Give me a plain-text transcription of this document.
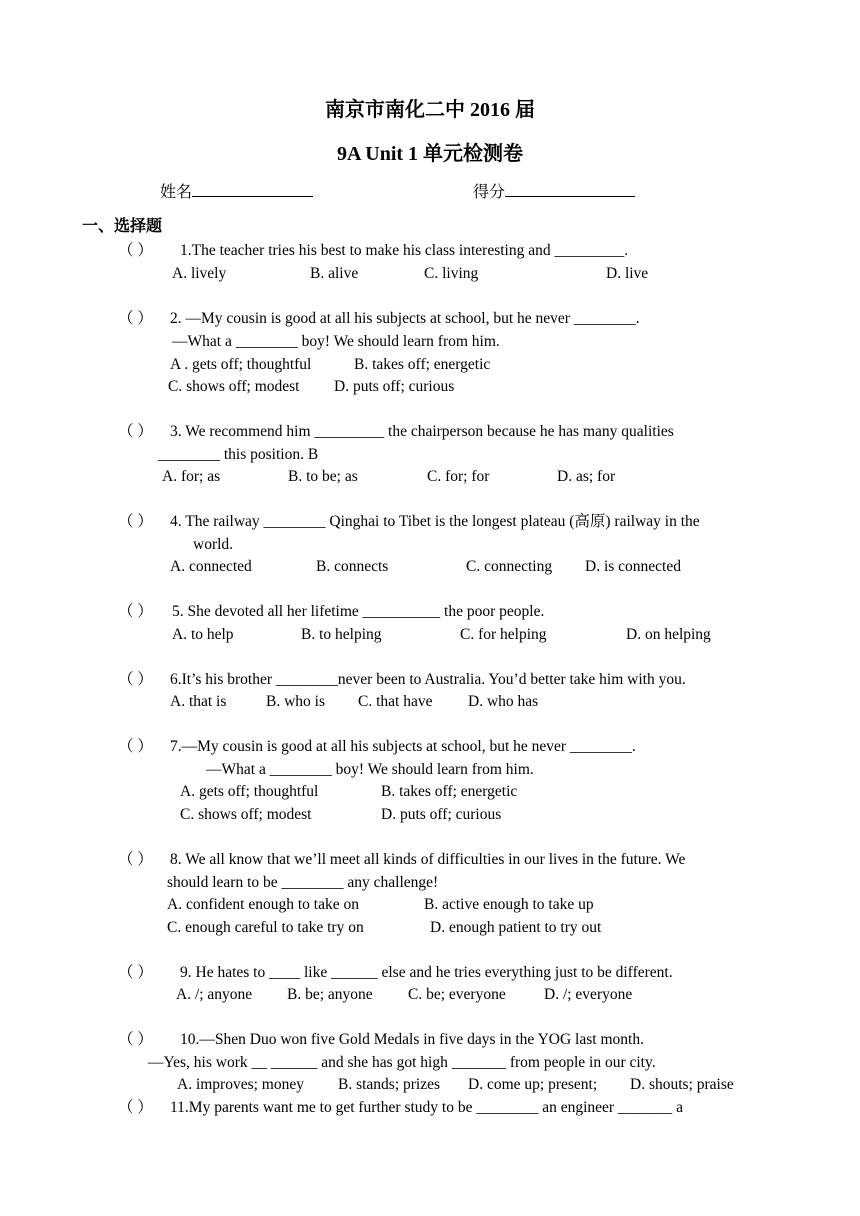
南京市南化二中 2016 届
9A Unit 1 单元检测卷
姓名	得分
一、选择题
（ ） 1.The teacher tries his best to make his class interesting and _________.
A. lively	B. alive	C. living	D. live
（ ） 2. —My cousin is good at all his subjects at school, but he never ________.
—What a ________ boy! We should learn from him.
A . gets off; thoughtful	B. takes off; energetic
C. shows off; modest D. puts off; curious
（ ） 3. We recommend him _________ the chairperson because he has many qualities
________ this position. B
A. for; as	B. to be; as	C. for; for	D. as; for
（ ） 4. The railway ________ Qinghai to Tibet is the longest plateau (高原) railway in the
world.
A. connected	B. connects	C. connecting D. is connected
（ ） 5. She devoted all her lifetime __________ the poor people.
A. to help	B. to helping	C. for helping	D. on helping
（ ） 6.It’s his brother ________never been to Australia. You’d better take him with you.
A. that is	B. who is C. that have D. who has
（ ） 7.—My cousin is good at all his subjects at school, but he never ________.
—What a ________ boy! We should learn from him.
A. gets off; thoughtful	B. takes off; energetic
C. shows off; modest	D. puts off; curious
（ ） 8. We all know that we’ll meet all kinds of difficulties in our lives in the future. We
should learn to be ________ any challenge!
A. confident enough to take on	B. active enough to take up
C. enough careful to take try on	D. enough patient to try out
（ ） 9. He hates to ____ like ______ else and he tries everything just to be different.
A. /; anyone B. be; anyone C. be; everyone D. /; everyone
（ ） 10.—Shen Duo won five Gold Medals in five days in the YOG last month.
—Yes, his work __ ______ and she has got high _______ from people in our city.
A. improves; money B. stands; prizes D. come up; present; D. shouts; praise
（ ） 11.My parents want me to get further study to be ________ an engineer _______ a
